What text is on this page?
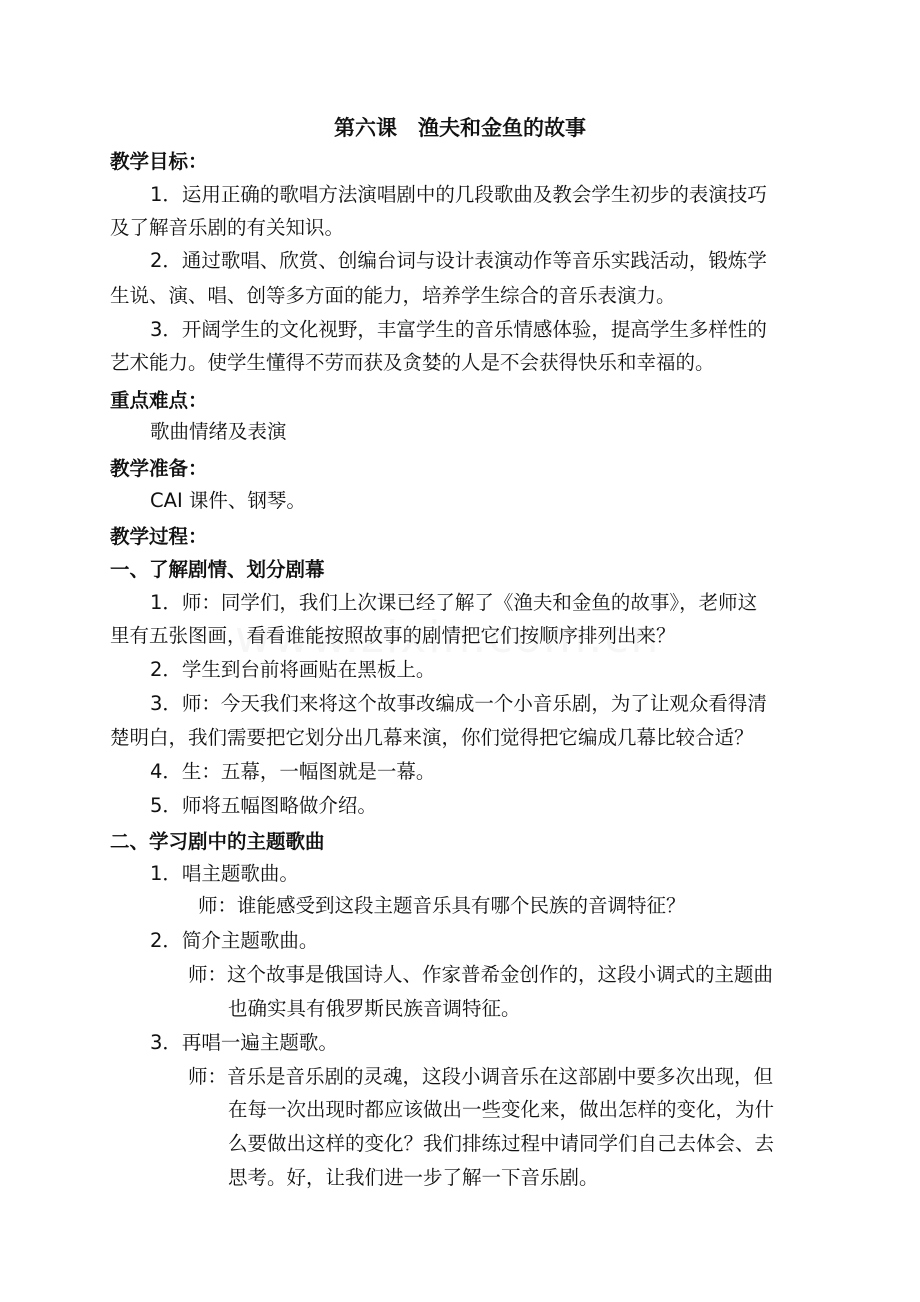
第六课　渔夫和金鱼的故事
教学目标：
1．运用正确的歌唱方法演唱剧中的几段歌曲及教会学生初步的表演技巧
及了解音乐剧的有关知识。
2．通过歌唱、欣赏、创编台词与设计表演动作等音乐实践活动，锻炼学
生说、演、唱、创等多方面的能力，培养学生综合的音乐表演力。
3．开阔学生的文化视野，丰富学生的音乐情感体验，提高学生多样性的
艺术能力。使学生懂得不劳而获及贪婪的人是不会获得快乐和幸福的。
重点难点：
歌曲情绪及表演
教学准备：
CAI 课件、钢琴。
教学过程：
一、了解剧情、划分剧幕
1．师：同学们，我们上次课已经了解了《渔夫和金鱼的故事》，老师这
里有五张图画，看看谁能按照故事的剧情把它们按顺序排列出来？
2．学生到台前将画贴在黑板上。
3．师：今天我们来将这个故事改编成一个小音乐剧，为了让观众看得清
楚明白，我们需要把它划分出几幕来演，你们觉得把它编成几幕比较合适？
4．生：五幕，一幅图就是一幕。
5．师将五幅图略做介绍。
二、学习剧中的主题歌曲
1．唱主题歌曲。
师：谁能感受到这段主题音乐具有哪个民族的音调特征？
2．简介主题歌曲。
师：这个故事是俄国诗人、作家普希金创作的，这段小调式的主题曲
也确实具有俄罗斯民族音调特征。
3．再唱一遍主题歌。
师：音乐是音乐剧的灵魂，这段小调音乐在这部剧中要多次出现，但
在每一次出现时都应该做出一些变化来，做出怎样的变化，为什
么要做出这样的变化？我们排练过程中请同学们自己去体会、去
思考。好，让我们进一步了解一下音乐剧。
